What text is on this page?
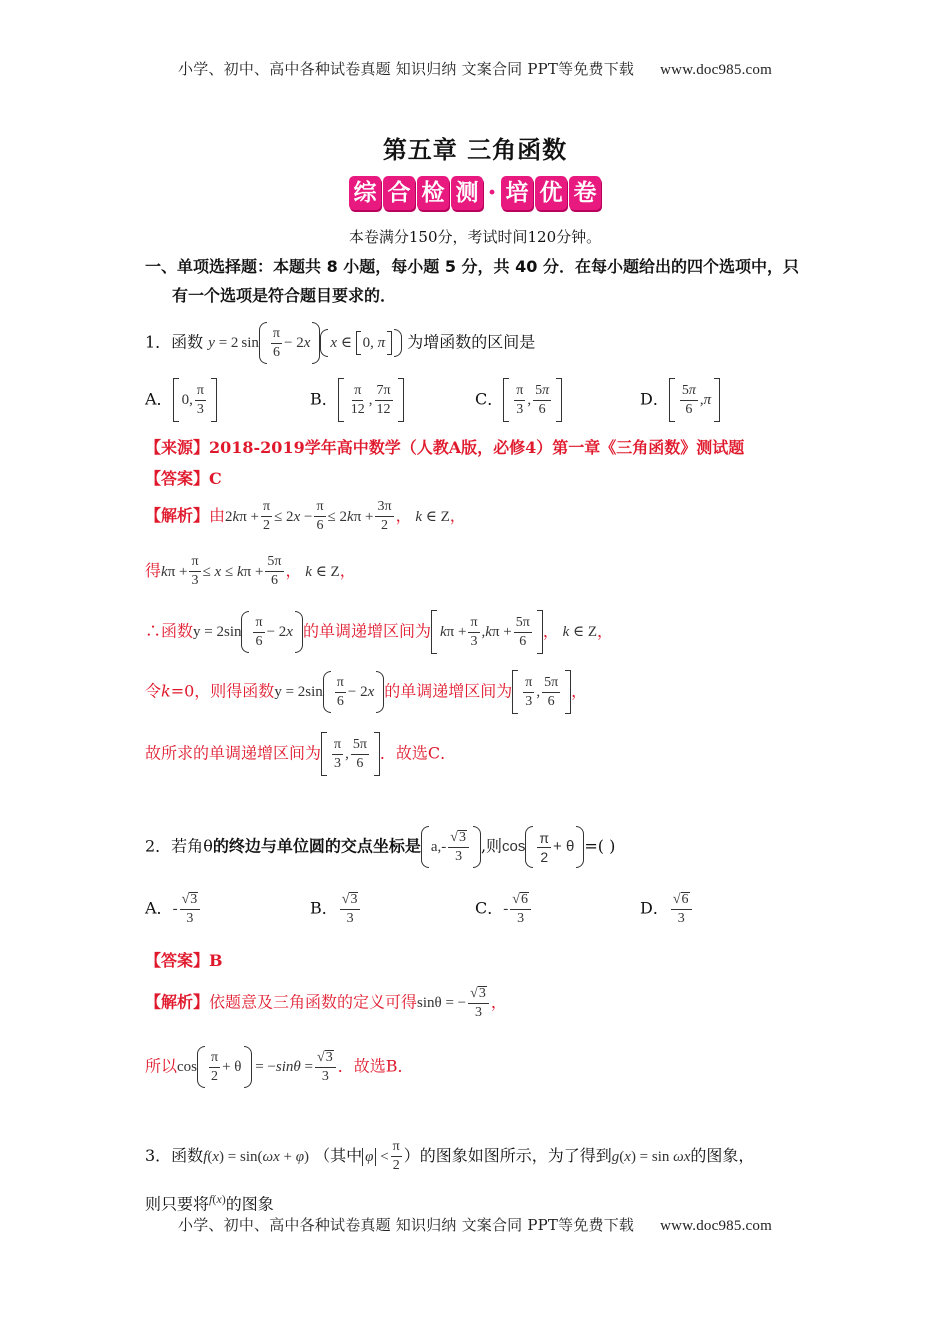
小学、初中、高中各种试卷真题 知识归纳 文案合同 PPT等免费下载 www.doc985.com
小学、初中、高中各种试卷真题 知识归纳 文案合同 PPT等免费下载 www.doc985.com
第五章 三角函数
综 合 检 测 · 培 优 卷
本卷满分150分，考试时间120分钟。
一、单项选择题：本题共 8 小题，每小题 5 分，共 40 分．在每小题给出的四个选项中，只
有一个选项是符合题目要求的．
1．函数 y = 2 $\sin \frac{\pi}{6} - 2$ x x ∈
0, π 为增函数的区间是
A． 0, $\frac{\pi}{3}$	B． $\frac{\pi}{12}$ , $\frac{7\pi}{12}$	C． $\frac{\pi}{3}$ , $\frac{5\pi}{6}$	D． $\frac{5\pi}{6}$ , π
【来源】2018-2019学年高中数学（人教A版，必修4）第一章《三角函数》测试题
【答案】C
【解析】由2 k $\pi + \frac{\pi}{2} \le 2$ $x - \frac{\pi}{6} \le 2$ k $\pi + \frac{3\pi}{2}$ ， k ∈ Z，
得 k $\pi + \frac{\pi}{3} \le x \le k$ $\pi + \frac{5\pi}{6}$ ， k ∈ Z，
∴函数$y = 2\sin \frac{\pi}{6} - 2$ x 的单调递增区间为 k $\pi + \frac{\pi}{3}$ , k $\pi + \frac{5\pi}{6}$ ， k ∈ Z，
令k=0，则得函数$y = 2\sin \frac{\pi}{6} - 2$ x 的单调递增区间为 $\frac{\pi}{3}$ , $\frac{5\pi}{6}$ ，
故所求的单调递增区间为 $\frac{\pi}{3}$ , $\frac{5\pi}{6}$ ．故选C．
2．若角θ的终边与单位圆的交点坐标是 $a,- \frac{√ 3}{3}$ ,则$\cos \frac{\pi}{2} + \theta$ =( )
A．- $\frac{√ 3}{3}$	B． $\frac{√ 3}{3}$	C．- $\frac{√ 6}{3}$	D． $\frac{√ 6}{3}$
【答案】B
【解析】依题意及三角函数的定义可得sinθ = − $\frac{√ 3}{3}$ ，
所以$\cos \frac{\pi}{2} + \theta$
= − $\sin\theta = \frac{√ 3}{3}$ ．故选B．
3．函数 f ( x ) = sin( ωx + φ ) （其中 $\varphi < \frac{\pi}{2}$ ）的图象如图所示，为了得到 g ( x ) = sin ωx 的图象，
则只要将 f ( x )的图象
